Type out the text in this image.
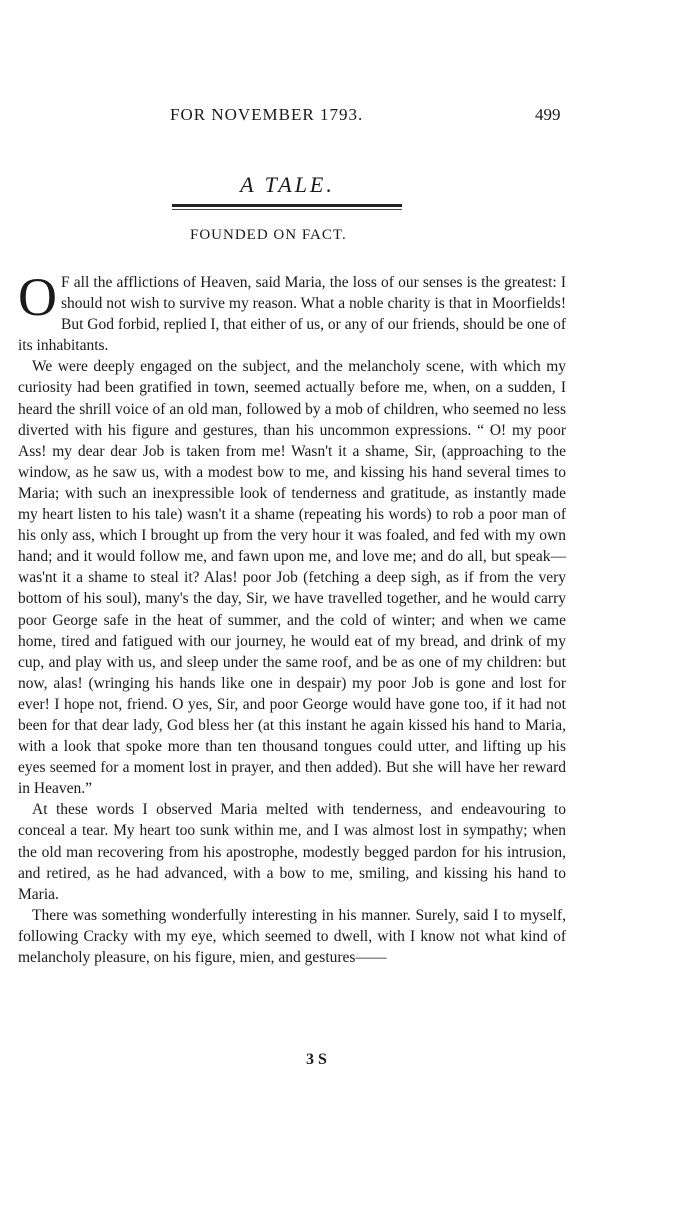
FOR NOVEMBER 1793.	499
A TALE.
FOUNDED ON FACT.

O F all the afflictions of Heaven, said Maria, the loss of our senses is the greatest: I should not wish to survive my reason. What a noble charity is that in Moorfields! But God forbid, replied I, that either of us, or any of our friends, should be one of its inhabitants.

We were deeply engaged on the subject, and the melancholy scene, with which my curiosity had been gratified in town, seemed actually before me, when, on a sudden, I heard the shrill voice of an old man, followed by a mob of children, who seemed no less diverted with his figure and gestures, than his uncommon expressions. “ O! my poor Ass! my dear dear Job is taken from me! Wasn't it a shame, Sir, (approaching to the window, as he saw us, with a modest bow to me, and kissing his hand several times to Maria; with such an inexpressible look of tenderness and gratitude, as instantly made my heart listen to his tale) wasn't it a shame (repeating his words) to rob a poor man of his only ass, which I brought up from the very hour it was foaled, and fed with my own hand; and it would follow me, and fawn upon me, and love me; and do all, but speak—was'nt it a shame to steal it? Alas! poor Job (fetching a deep sigh, as if from the very bottom of his soul), many's the day, Sir, we have travelled together, and he would carry poor George safe in the heat of summer, and the cold of winter; and when we came home, tired and fatigued with our journey, he would eat of my bread, and drink of my cup, and play with us, and sleep under the same roof, and be as one of my children: but now, alas! (wringing his hands like one in despair) my poor Job is gone and lost for ever! I hope not, friend. O yes, Sir, and poor George would have gone too, if it had not been for that dear lady, God bless her (at this instant he again kissed his hand to Maria, with a look that spoke more than ten thousand tongues could utter, and lifting up his eyes seemed for a moment lost in prayer, and then added). But she will have her reward in Heaven.”

At these words I observed Maria melted with tenderness, and endeavouring to conceal a tear. My heart too sunk within me, and I was almost lost in sympathy; when the old man recovering from his apostrophe, modestly begged pardon for his intrusion, and retired, as he had advanced, with a bow to me, smiling, and kissing his hand to Maria.

There was something wonderfully interesting in his manner. Surely, said I to myself, following Cracky with my eye, which seemed to dwell, with I know not what kind of melancholy pleasure, on his figure, mien, and gestures——

3 S
